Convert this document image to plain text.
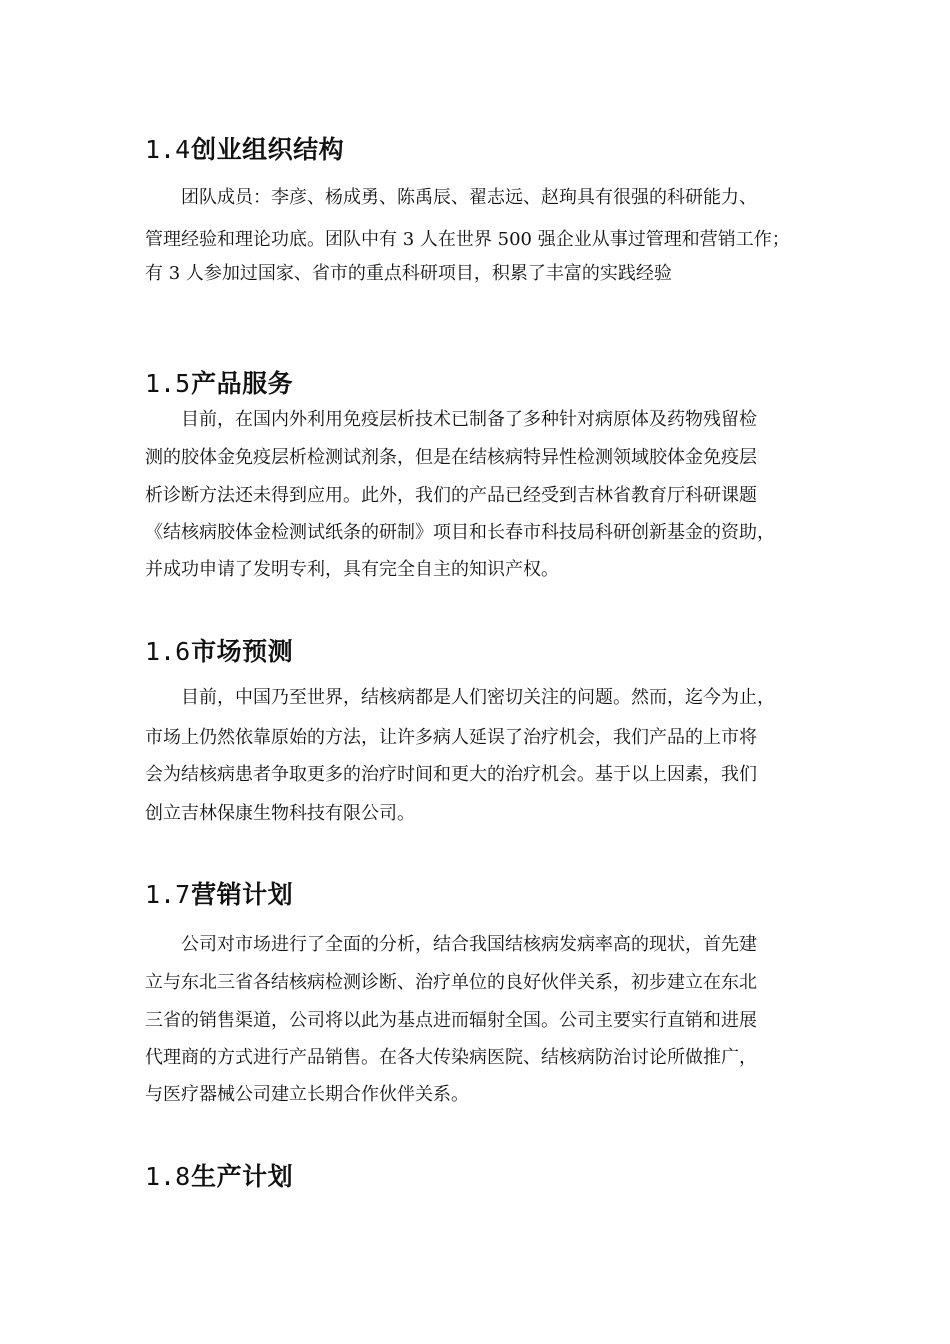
1.4创业组织结构

团队成员：李彦、杨成勇、陈禹辰、翟志远、赵珣具有很强的科研能力、

管理经验和理论功底。团队中有 3 人在世界 500 强企业从事过管理和营销工作；

有 3 人参加过国家、省市的重点科研项目，积累了丰富的实践经验

1.5产品服务

目前，在国内外利用免疫层析技术已制备了多种针对病原体及药物残留检

测的胶体金免疫层析检测试剂条，但是在结核病特异性检测领域胶体金免疫层

析诊断方法还未得到应用。此外，我们的产品已经受到吉林省教育厅科研课题

《结核病胶体金检测试纸条的研制》项目和长春市科技局科研创新基金的资助，

并成功申请了发明专利，具有完全自主的知识产权。

1.6市场预测

目前，中国乃至世界，结核病都是人们密切关注的问题。然而，迄今为止，

市场上仍然依靠原始的方法，让许多病人延误了治疗机会，我们产品的上市将

会为结核病患者争取更多的治疗时间和更大的治疗机会。基于以上因素，我们

创立吉林保康生物科技有限公司。

1.7营销计划

公司对市场进行了全面的分析，结合我国结核病发病率高的现状，首先建

立与东北三省各结核病检测诊断、治疗单位的良好伙伴关系，初步建立在东北

三省的销售渠道，公司将以此为基点进而辐射全国。公司主要实行直销和进展

代理商的方式进行产品销售。在各大传染病医院、结核病防治讨论所做推广，

与医疗器械公司建立长期合作伙伴关系。

1.8生产计划
